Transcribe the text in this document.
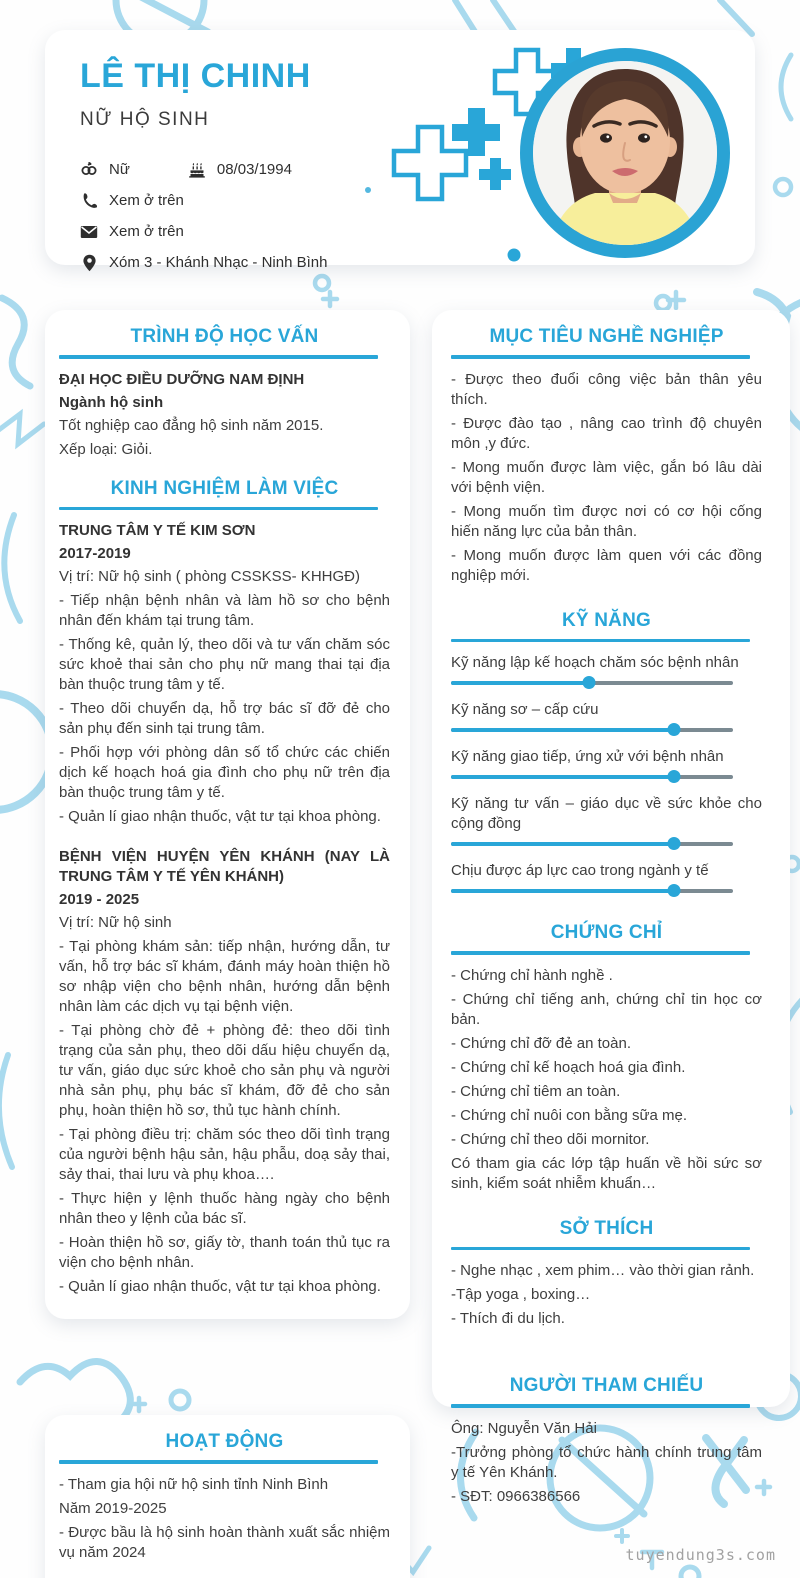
LÊ THỊ CHINH
NỮ HỘ SINH
Nữ	08/03/1994
Xem ở trên
Xem ở trên
Xóm 3 - Khánh Nhạc - Ninh Bình
TRÌNH ĐỘ HỌC VẤN

ĐẠI HỌC ĐIỀU DƯỠNG NAM ĐỊNH

Ngành hộ sinh

Tốt nghiệp cao đẳng hộ sinh năm 2015.

Xếp loại: Giỏi.

KINH NGHIỆM LÀM VIỆC

TRUNG TÂM Y TẾ KIM SƠN

2017-2019

Vị trí: Nữ hộ sinh ( phòng CSSKSS- KHHGĐ)

- Tiếp nhận bệnh nhân và làm hồ sơ cho bệnh nhân đến khám tại trung tâm.

- Thống kê, quản lý, theo dõi và tư vấn chăm sóc sức khoẻ thai sản cho phụ nữ mang thai tại địa bàn thuộc trung tâm y tế.

- Theo dõi chuyển dạ, hỗ trợ bác sĩ đỡ đẻ cho sản phụ đến sinh tại trung tâm.

- Phối hợp với phòng dân số tổ chức các chiến dịch kế hoạch hoá gia đình cho phụ nữ trên địa bàn thuộc trung tâm y tế.

- Quản lí giao nhận thuốc, vật tư tại khoa phòng.

BỆNH VIỆN HUYỆN YÊN KHÁNH (NAY LÀ TRUNG TÂM Y TẾ YÊN KHÁNH)

2019 - 2025

Vị trí: Nữ hộ sinh

- Tại phòng khám sản: tiếp nhận, hướng dẫn, tư vấn, hỗ trợ bác sĩ khám, đánh máy hoàn thiện hồ sơ nhập viện cho bệnh nhân, hướng dẫn bệnh nhân làm các dịch vụ tại bệnh viện.

- Tại phòng chờ đẻ + phòng đẻ: theo dõi tình trạng của sản phụ, theo dõi dấu hiệu chuyển dạ, tư vấn, giáo dục sức khoẻ cho sản phụ và người nhà sản phụ, phụ bác sĩ khám, đỡ đẻ cho sản phụ, hoàn thiện hồ sơ, thủ tục hành chính.

- Tại phòng điều trị: chăm sóc theo dõi tình trạng của người bệnh hậu sản, hậu phẫu, doạ sảy thai, sảy thai, thai lưu và phụ khoa….

- Thực hiện y lệnh thuốc hàng ngày cho bệnh nhân theo y lệnh của bác sĩ.

- Hoàn thiện hồ sơ, giấy tờ, thanh toán thủ tục ra viện cho bệnh nhân.

- Quản lí giao nhận thuốc, vật tư tại khoa phòng.

MỤC TIÊU NGHỀ NGHIỆP

- Được theo đuổi công việc bản thân yêu thích.

- Được đào tạo , nâng cao trình độ chuyên môn ,y đức.

- Mong muốn được làm việc, gắn bó lâu dài với bệnh viện.

- Mong muốn tìm được nơi có cơ hội cống hiến năng lực của bản thân.

- Mong muốn được làm quen với các đồng nghiệp mới.

KỸ NĂNG
Kỹ năng lập kế hoạch chăm sóc bệnh nhân
Kỹ năng sơ – cấp cứu
Kỹ năng giao tiếp, ứng xử với bệnh nhân
Kỹ năng tư vấn – giáo dục về sức khỏe cho cộng đồng
Chịu được áp lực cao trong ngành y tế
CHỨNG CHỈ

- Chứng chỉ hành nghề .

- Chứng chỉ tiếng anh, chứng chỉ tin học cơ bản.

- Chứng chỉ đỡ đẻ an toàn.

- Chứng chỉ kế hoạch hoá gia đình.

- Chứng chỉ tiêm an toàn.

- Chứng chỉ nuôi con bằng sữa mẹ.

- Chứng chỉ theo dõi mornitor.

Có tham gia các lớp tập huấn về hồi sức sơ sinh, kiểm soát nhiễm khuẩn…

SỞ THÍCH

- Nghe nhạc , xem phim… vào thời gian rảnh.

-Tập yoga , boxing…

- Thích đi du lịch.

NGƯỜI THAM CHIẾU

Ông: Nguyễn Văn Hải

-Trưởng phòng tổ chức hành chính trung tâm y tế Yên Khánh.

- SĐT: 0966386566

HOẠT ĐỘNG

- Tham gia hội nữ hộ sinh tỉnh Ninh Bình

Năm 2019-2025

- Được bầu là hộ sinh hoàn thành xuất sắc nhiệm vụ năm 2024	tuyendung3s.com
